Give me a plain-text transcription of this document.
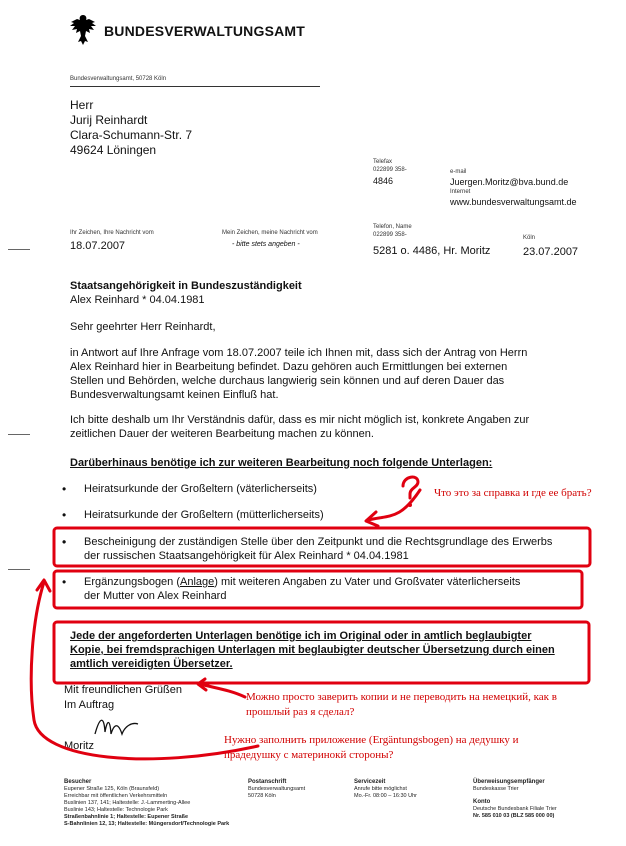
BUNDESVERWALTUNGSAMT
Bundesverwaltungsamt, 50728 Köln
Herr
Jurij Reinhardt
Clara-Schumann-Str. 7
49624 Löningen
Telefax
022899 358-
4846
e-mail
Juergen.Moritz@bva.bund.de
Internet
www.bundesverwaltungsamt.de
Ihr Zeichen, Ihre Nachricht vom
18.07.2007
Mein Zeichen, meine Nachricht vom
- bitte stets angeben -
Telefon, Name
022899 358-
5281 o. 4486, Hr. Moritz
Köln
23.07.2007
Staatsangehörigkeit in Bundeszuständigkeit
Alex Reinhard * 04.04.1981
Sehr geehrter Herr Reinhardt,
in Antwort auf Ihre Anfrage vom 18.07.2007 teile ich Ihnen mit, dass sich der Antrag von Herrn
Alex Reinhard hier in Bearbeitung befindet. Dazu gehören auch Ermittlungen bei externen
Stellen und Behörden, welche durchaus langwierig sein können und auf deren Dauer das
Bundesverwaltungsamt keinen Einfluß hat.
Ich bitte deshalb um Ihr Verständnis dafür, dass es mir nicht möglich ist, konkrete Angaben zur
zeitlichen Dauer der weiteren Bearbeitung machen zu können.
Darüberhinaus benötige ich zur weiteren Bearbeitung noch folgende Unterlagen:
• Heiratsurkunde der Großeltern (väterlicherseits)
• Heiratsurkunde der Großeltern (mütterlicherseits)
Bescheinigung der zuständigen Stelle über den Zeitpunkt und die Rechtsgrundlage des Erwerbs
der russischen Staatsangehörigkeit für Alex Reinhard * 04.04.1981
•
Ergänzungsbogen (Anlage) mit weiteren Angaben zu Vater und Großvater väterlicherseits
der Mutter von Alex Reinhard
•
Jede der angeforderten Unterlagen benötige ich im Original oder in amtlich beglaubigter
Kopie, bei fremdsprachigen Unterlagen mit beglaubigter deutscher Übersetzung durch einen
amtlich vereidigten Übersetzer.
Mit freundlichen Grüßen
Im Auftrag
Moritz
Что это за справка и где ее брать?
Можно просто заверить копии и не переводить на немецкий, как в
прошлый раз я сделал?
Нужно заполнить приложение (Ergäntungsbogen) на дедушку и
прадедушку с материнокй стороны?
Besucher
Eupener Straße 125, Köln (Braunsfeld)
Erreichbar mit öffentlichen Verkehrsmitteln
Buslinien 137, 141; Haltestelle: J.-Lammerting-Allee
Buslinie 143; Haltestelle: Technologie Park
Straßenbahnlinie 1; Haltestelle: Eupener Straße
S-Bahnlinien 12, 13; Haltestelle: Müngersdorf/Technologie Park
Postanschrift
Bundesverwaltungsamt
50728 Köln
Servicezeit
Anrufe bitte möglichst
Mo.-Fr. 08:00 – 16:30 Uhr
Überweisungsempfänger
Bundeskasse Trier
Konto
Deutsche Bundesbank Filiale Trier
Nr. 585 010 03 (BLZ 585 000 00)
